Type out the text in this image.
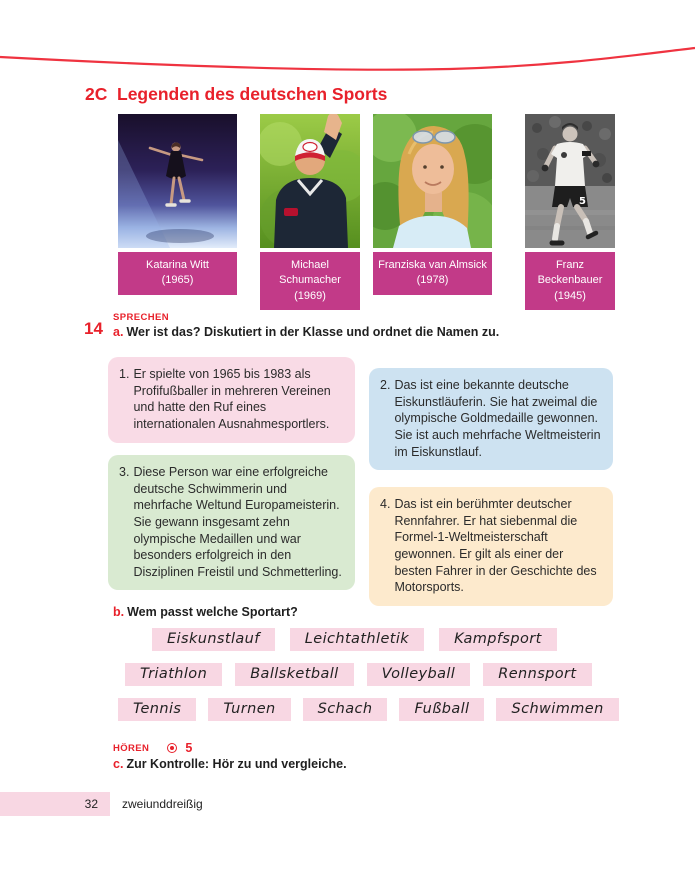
2C Legenden des deutschen Sports
Katarina Witt
(1965)
Michael Schumacher
(1969)
Franziska van Almsick
(1978)
5
Franz Beckenbauer
(1945)
SPRECHEN
14 a. Wer ist das? Diskutiert in der Klasse und ordnet die Namen zu.
1. Er spielte von 1965 bis 1983 als Profifußballer in mehreren Vereinen und hatte den Ruf eines internationalen Ausnahmesportlers.
2. Das ist eine bekannte deutsche Eiskunstläuferin. Sie hat zweimal die olympische Goldmedaille gewonnen. Sie ist auch mehrfache Weltmeisterin im Eiskunstlauf.
3. Diese Person war eine erfolgreiche deutsche Schwimmerin und mehrfache Weltund Europameisterin. Sie gewann insgesamt zehn olympische Medaillen und war besonders erfolgreich in den Disziplinen Freistil und Schmetterling.
4. Das ist ein berühmter deutscher Rennfahrer. Er hat siebenmal die Formel-1-Weltmeisterschaft gewonnen. Er gilt als einer der besten Fahrer in der Geschichte des Motorsports.
b. Wem passt welche Sportart?
Eiskunstlauf	Leichtathletik	Kampfsport
Triathlon	Ballsketball	Volleyball	Rennsport
Tennis	Turnen	Schach	Fußball	Schwimmen
HÖREN	5
c. Zur Kontrolle: Hör zu und vergleiche.
32 zweiunddreißig
